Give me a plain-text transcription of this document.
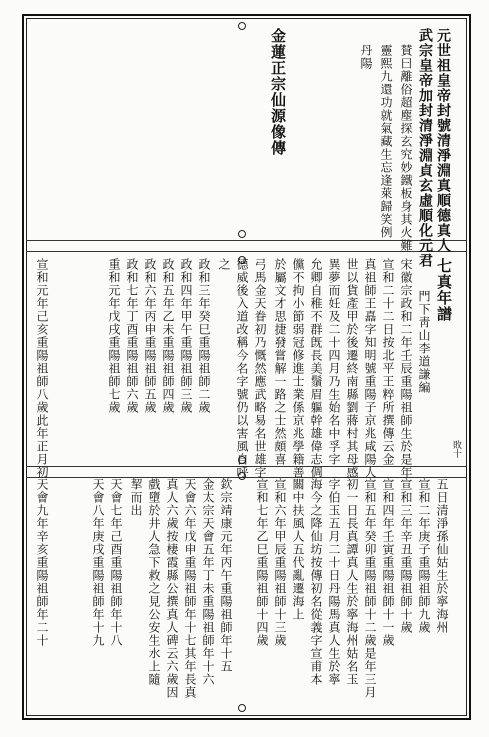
元世祖皇帝封號清淨淵真順德真人
武宗皇帝加封清淨淵貞玄虛順化元君
賛曰離俗超塵探玄究妙鐵板身其火難
靈熙九還功就氣藏生忘逢萊歸笑例
丹陽
金蓮正宗仙源像傳
七真年譜
門下靑山李道謙編
宋徽宗政和二年壬辰重陽祖師生於是年
宣和二十二日按北平王粹所撰傳云金
真祖師王嚞字知明號重陽子京兆咸陽人
世以貨產甲於後遷終南縣劉蔣村其母感
異夢而妊及二十四月乃生始名中孚字
允卿自稚不群旣長美鬚眉軀幹雄偉志倜
儻不拘小節弱冠修進士業係京兆學籍善
於屬文才思捷發嘗解一路之士然頗喜
弓馬金天眷初乃慨然應武略易名世雄字
德威後入道改稱今名字號仍以害風自呼
之
政和三年癸巳重陽祖師二歲
政和四年甲午重陽祖師三歲
政和五年乙未重陽祖師四歲
政和六年丙申重陽祖師五歲
政和七年丁酉重陽祖師六歲
重和元年戊戌重陽祖師七歲
宣和元年己亥重陽祖師八歲此年正月初	敗十
五日清淨孫仙姑生於寧海州
宣和二年庚子重陽祖師九歲
宣和三年辛丑重陽祖師十歲
宣和四年壬寅重陽祖師十一歲
宣和五年癸卯重陽祖師十二歲是年三月
初一日長真譚真人生於寧海州姑名玉
字伯玉五月二十日丹陽馬真人生於寧
海今之降仙坊按傳初名從義字宣甫本
關中扶風人五代亂遷海上
宣和六年甲辰重陽祖師十三歲
宣和七年乙巳重陽祖師十四歲
欽宗靖康元年丙午重陽祖師年十五
金太宗天會五年丁未重陽祖師年十六
天會六年戊申重陽祖師年十七其年長真
真人六歲按棲霞縣公撰真人碑云六歲因
戲墮於井人急下救之見公安生水上隨
挈而出
天會七年己酉重陽祖師年十八
天會八年庚戌重陽祖師年十九
天會九年辛亥重陽祖師年二十
